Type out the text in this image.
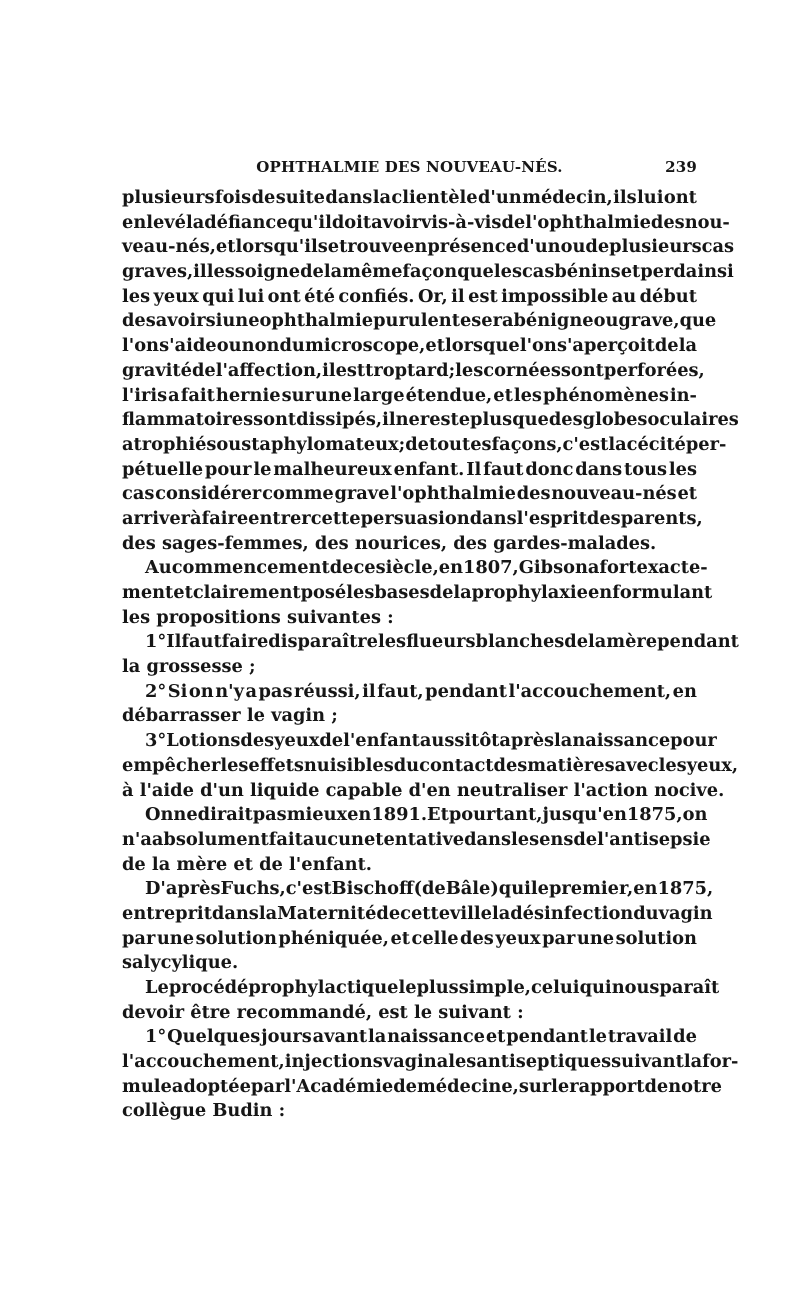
OPHTHALMIE DES NOUVEAU-NÉS.	239
plusieurs fois de suite dans la clientèle d'un médecin, ils lui ont
enlevé la défiance qu'il doit avoir vis-à-vis de l'ophthalmie des nou-
veau-nés, et lorsqu'il se trouve en présence d'un ou de plusieurs cas
graves, il les soigne de la même façon que les cas bénins et perd ainsi
les yeux qui lui ont été confiés. Or, il est impossible au début
de savoir si une ophthalmie purulente sera bénigne ou grave, que
l'on s'aide ou non du microscope, et lorsque l'on s'aperçoit de la
gravité de l'affection, il est trop tard ; les cornées sont perforées,
l'iris a fait hernie sur une large étendue, et les phénomènes in-
flammatoires sont dissipés, il ne reste plus que des globes oculaires
atrophiés ou staphylomateux ; de toutes façons, c'est la cécité per-
pétuelle pour le malheureux enfant. Il faut donc dans tous les
cas considérer comme grave l'ophthalmie des nouveau-nés et
arriver à faire entrer cette persuasion dans l'esprit des parents,
des sages-femmes, des nourices, des gardes-malades.
Au commencement de ce siècle, en 1807, Gibson a fort exacte-
ment et clairement posé les bases de la prophylaxie en formulant
les propositions suivantes :
1° Il faut faire disparaître les flueurs blanches de la mère pendant
la grossesse ;
2° Si on n'y a pas réussi, il faut, pendant l'accouchement, en
débarrasser le vagin ;
3° Lotions des yeux de l'enfant aussitôt après la naissance pour
empêcher les effets nuisibles du contact des matières avec les yeux,
à l'aide d'un liquide capable d'en neutraliser l'action nocive.
On ne dirait pas mieux en 1891. Et pourtant, jusqu'en 1875, on
n'a absolument fait aucune tentative dans le sens de l'antisepsie
de la mère et de l'enfant.
D'après Fuchs , c'est Bischoff (de Bâle) qui le premier, en 1875,
entreprit dans la Maternité de cette ville la désinfection du vagin
par une solution phéniquée, et celle des yeux par une solution
salycylique.
Le procédé prophylactique le plus simple, celui qui nous paraît
devoir être recommandé, est le suivant :
1° Quelques jours avant la naissance et pendant le travail de
l'accouchement, injections vaginales antiseptiques suivant la for-
mule adoptée par l'Académie de médecine, sur le rapport de notre
collègue Budin :
